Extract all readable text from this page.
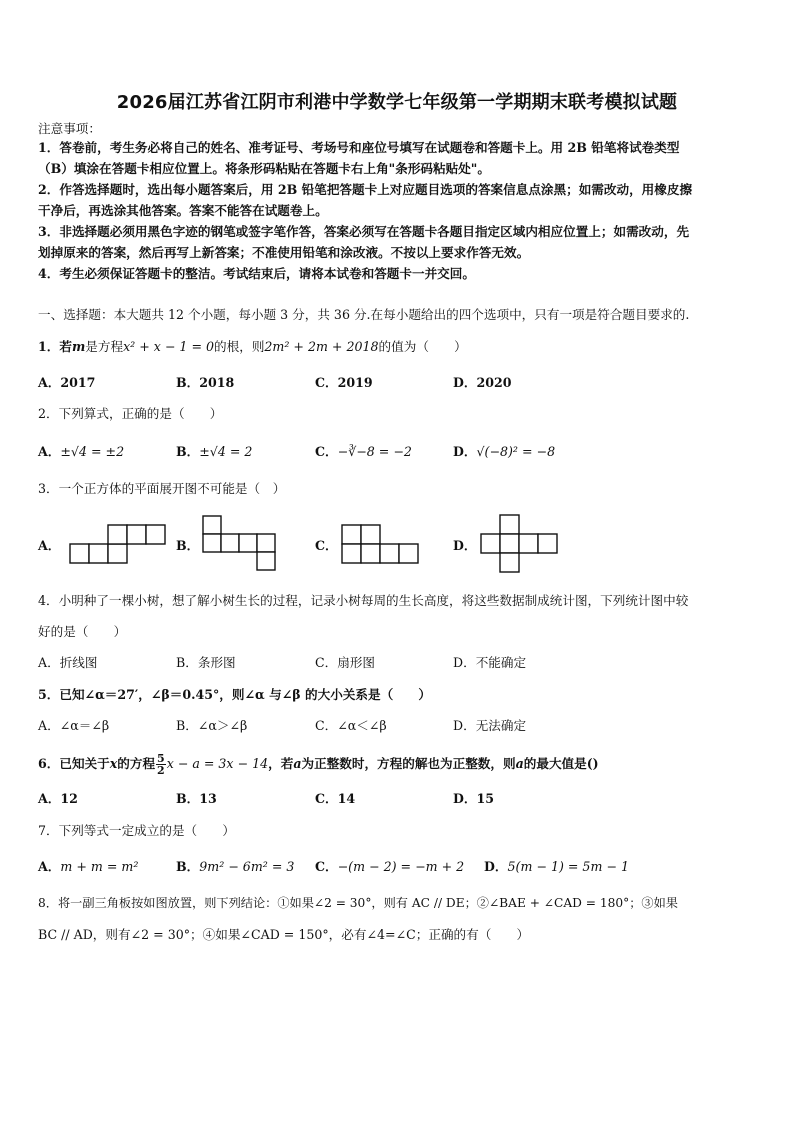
2026届江苏省江阴市利港中学数学七年级第一学期期末联考模拟试题
注意事项：
1．答卷前，考生务必将自己的姓名、准考证号、考场号和座位号填写在试题卷和答题卡上。用 2B 铅笔将试卷类型
（B）填涂在答题卡相应位置上。将条形码粘贴在答题卡右上角"条形码粘贴处"。
2．作答选择题时，选出每小题答案后，用 2B 铅笔把答题卡上对应题目选项的答案信息点涂黑；如需改动，用橡皮擦
干净后，再选涂其他答案。答案不能答在试题卷上。
3．非选择题必须用黑色字迹的钢笔或签字笔作答，答案必须写在答题卡各题目指定区域内相应位置上；如需改动，先
划掉原来的答案，然后再写上新答案；不准使用铅笔和涂改液。不按以上要求作答无效。
4．考生必须保证答题卡的整洁。考试结束后，请将本试卷和答题卡一并交回。
一、选择题：本大题共 12 个小题，每小题 3 分，共 36 分.在每小题给出的四个选项中，只有一项是符合题目要求的.
1．若m是方程x² + x − 1 = 0的根，则2m² + 2m + 2018的值为（　　）
A．2017	B．2018	C．2019	D．2020
2．下列算式，正确的是（　　）
A．±√4 = ±2	B．±√4 = 2	C．−∛−8 = −2	D．√(−8)² = −8
3．一个正方体的平面展开图不可能是（　）
A．	B．	C．	D．
4．小明种了一棵小树，想了解小树生长的过程，记录小树每周的生长高度，将这些数据制成统计图，下列统计图中较
好的是（　　）
A．折线图	B．条形图	C．扇形图	D．不能确定
5．已知∠α＝27′，∠β＝0.45°，则∠α 与∠β 的大小关系是（　　）
A．∠α＝∠β	B．∠α＞∠β	C．∠α＜∠β	D．无法确定
6．已知关于x的方程 $\frac{5}{2}$ x − a = 3x − 14，若a为正整数时，方程的解也为正整数，则a的最大值是()
A．12	B．13	C．14	D．15
7．下列等式一定成立的是（　　）
A．m + m = m²	B．9m² − 6m² = 3 C．−(m − 2) = −m + 2 D．5(m − 1) = 5m − 1
8．将一副三角板按如图放置，则下列结论：①如果∠2 = 30°，则有 AC // DE；②∠BAE + ∠CAD = 180°；③如果
BC // AD，则有∠2 = 30°；④如果∠CAD = 150°，必有∠4=∠C；正确的有（　　）
